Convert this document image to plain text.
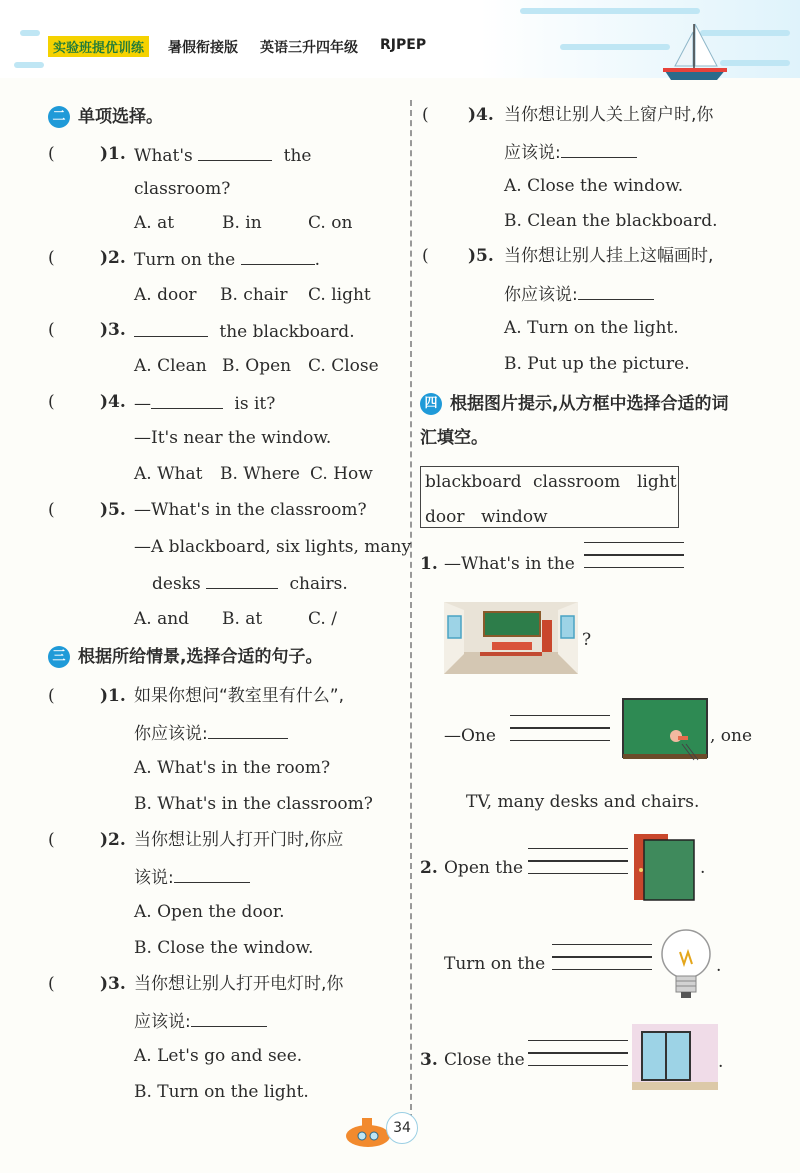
实验班提优训练	暑假衔接版 英语三升四年级 RJPEP
二 单项选择。
(	)1. What's	the
classroom?
A. at	B. in	C. on
(	)2. Turn on the	.
A. door B. chair C. light
(	)3.	the blackboard.
A. Clean B. Open C. Close
(	)4. —	is it?
—It's near the window.
A. What B. Where C. How
(	)5. —What's in the classroom?
—A blackboard, six lights, many
desks	chairs.
A. and B. at	C. /
三 根据所给情景,选择合适的句子。
(	)1. 如果你想问“教室里有什么”,
你应该说:
A. What's in the room?
B. What's in the classroom?
(	)2. 当你想让别人打开门时,你应
该说:
A. Open the door.
B. Close the window.
(	)3. 当你想让别人打开电灯时,你
应该说:
A. Let's go and see.
B. Turn on the light.
( )4. 当你想让别人关上窗户时,你
应该说:
A. Close the window.
B. Clean the blackboard.
( )5. 当你想让别人挂上这幅画时,
你应该说:
A. Turn on the light.
B. Put up the picture.
四 根据图片提示,从方框中选择合适的词
汇填空。
blackboard classroom light
door window
1. —What's in the
?
—One	, one
TV, many desks and chairs.
2. Open the	.
Turn on the	.
3. Close the	.
34
